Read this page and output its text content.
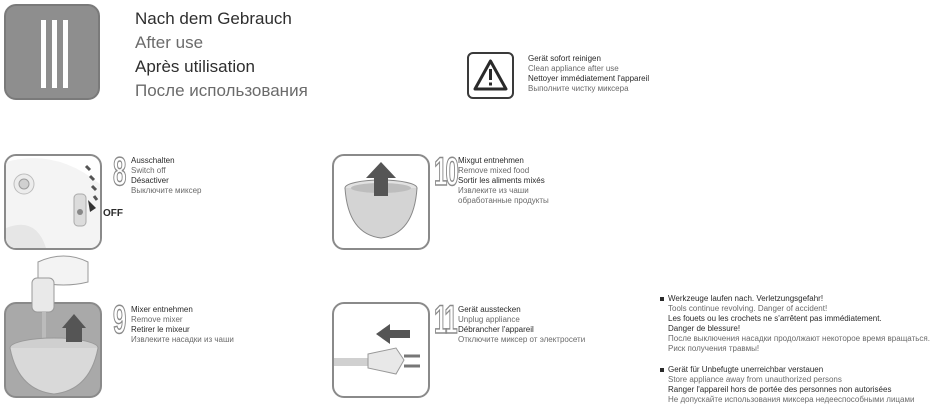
Nach dem Gebrauch
After use
Après utilisation
После использования
Gerät sofort reinigen
Clean appliance after use
Nettoyer immédiatement l'appareil
Выполните чистку миксера
OFF
8 Ausschalten
Switch off
Désactiver
Выключите миксер
9 Mixer entnehmen
Remove mixer
Retirer le mixeur
Извлеките насадки из чаши
10 Mixgut entnehmen
Remove mixed food
Sortir les aliments mixés
Извлеките из чаши
обработанные продукты
11 Gerät ausstecken
Unplug appliance
Débrancher l'appareil
Отключите миксер от электросети
Werkzeuge laufen nach. Verletzungsgefahr!
Tools continue revolving. Danger of accident!
Les fouets ou les crochets ne s'arrêtent pas immédiatement.
Danger de blessure!
После выключения насадки продолжают некоторое время вращаться.
Риск получения травмы!
Gerät für Unbefugte unerreichbar verstauen
Store appliance away from unauthorized persons
Ranger l'appareil hors de portée des personnes non autorisées
Не допускайте использования миксера недееспособными лицами
